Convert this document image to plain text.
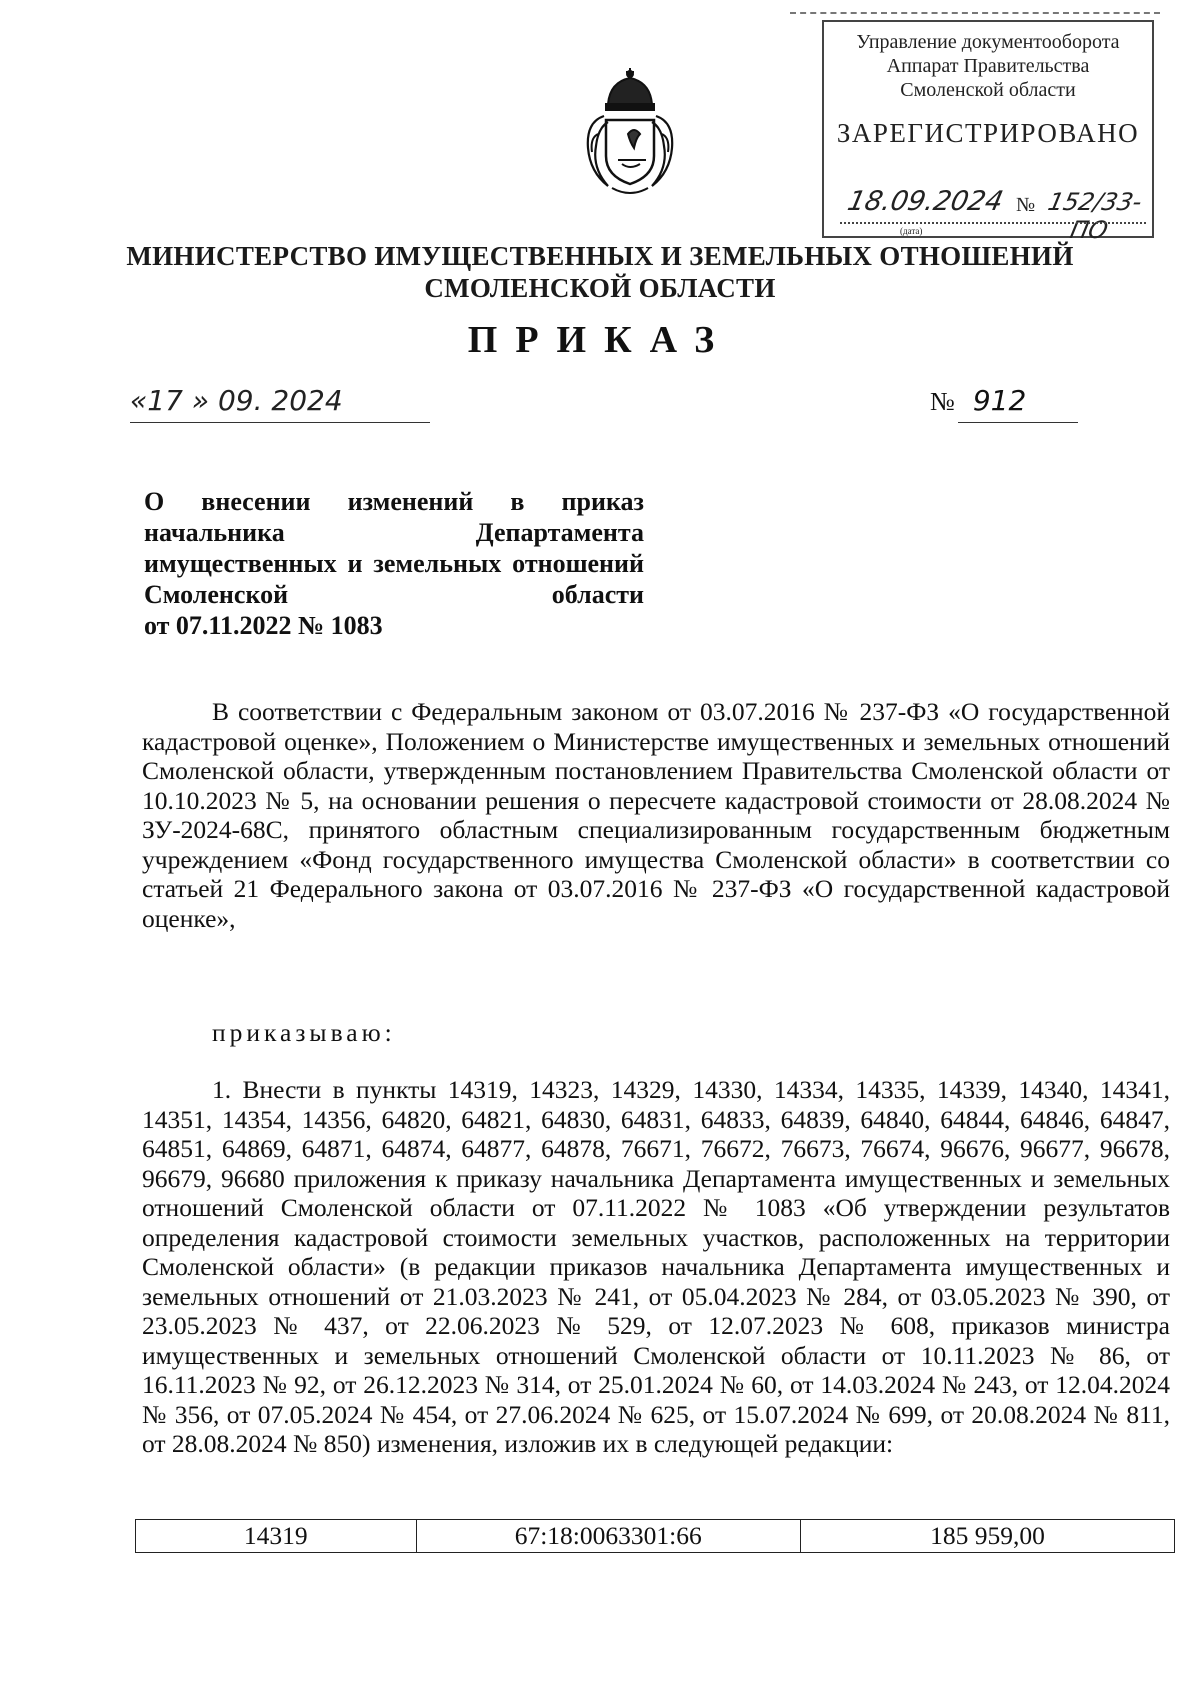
Управление документооборота
Аппарат Правительства
Смоленской области
ЗАРЕГИСТРИРОВАНО
18.09.2024 № 152/33-ПО
(дата)
МИНИСТЕРСТВО ИМУЩЕСТВЕННЫХ И ЗЕМЕЛЬНЫХ ОТНОШЕНИЙ
СМОЛЕНСКОЙ ОБЛАСТИ
ПРИКАЗ
«17 » 09. 2024	№ 912
О внесении изменений в приказ начальника Департамента имущественных и земельных отношений Смоленской области
от 07.11.2022 № 1083
В соответствии с Федеральным законом от 03.07.2016 № 237-ФЗ «О государственной кадастровой оценке», Положением о Министерстве имущественных и земельных отношений Смоленской области, утвержденным постановлением Правительства Смоленской области от 10.10.2023 № 5, на основании решения о пересчете кадастровой стоимости от 28.08.2024 № ЗУ-2024-68С, принятого областным специализированным государственным бюджетным учреждением «Фонд государственного имущества Смоленской области» в соответствии со статьей 21 Федерального закона от 03.07.2016 № 237-ФЗ «О государственной кадастровой оценке»,
приказываю:
1. Внести в пункты 14319, 14323, 14329, 14330, 14334, 14335, 14339, 14340, 14341, 14351, 14354, 14356, 64820, 64821, 64830, 64831, 64833, 64839, 64840, 64844, 64846, 64847, 64851, 64869, 64871, 64874, 64877, 64878, 76671, 76672, 76673, 76674, 96676, 96677, 96678, 96679, 96680 приложения к приказу начальника Департамента имущественных и земельных отношений Смоленской области от 07.11.2022 № 1083 «Об утверждении результатов определения кадастровой стоимости земельных участков, расположенных на территории Смоленской области» (в редакции приказов начальника Департамента имущественных и земельных отношений от 21.03.2023 № 241, от 05.04.2023 № 284, от 03.05.2023 № 390, от 23.05.2023 № 437, от 22.06.2023 № 529, от 12.07.2023 № 608, приказов министра имущественных и земельных отношений Смоленской области от 10.11.2023 № 86, от 16.11.2023 № 92, от 26.12.2023 № 314, от 25.01.2024 № 60, от 14.03.2024 № 243, от 12.04.2024 № 356, от 07.05.2024 № 454, от 27.06.2024 № 625, от 15.07.2024 № 699, от 20.08.2024 № 811, от 28.08.2024 № 850) изменения, изложив их в следующей редакции:
14319	67:18:0063301:66	185 959,00
